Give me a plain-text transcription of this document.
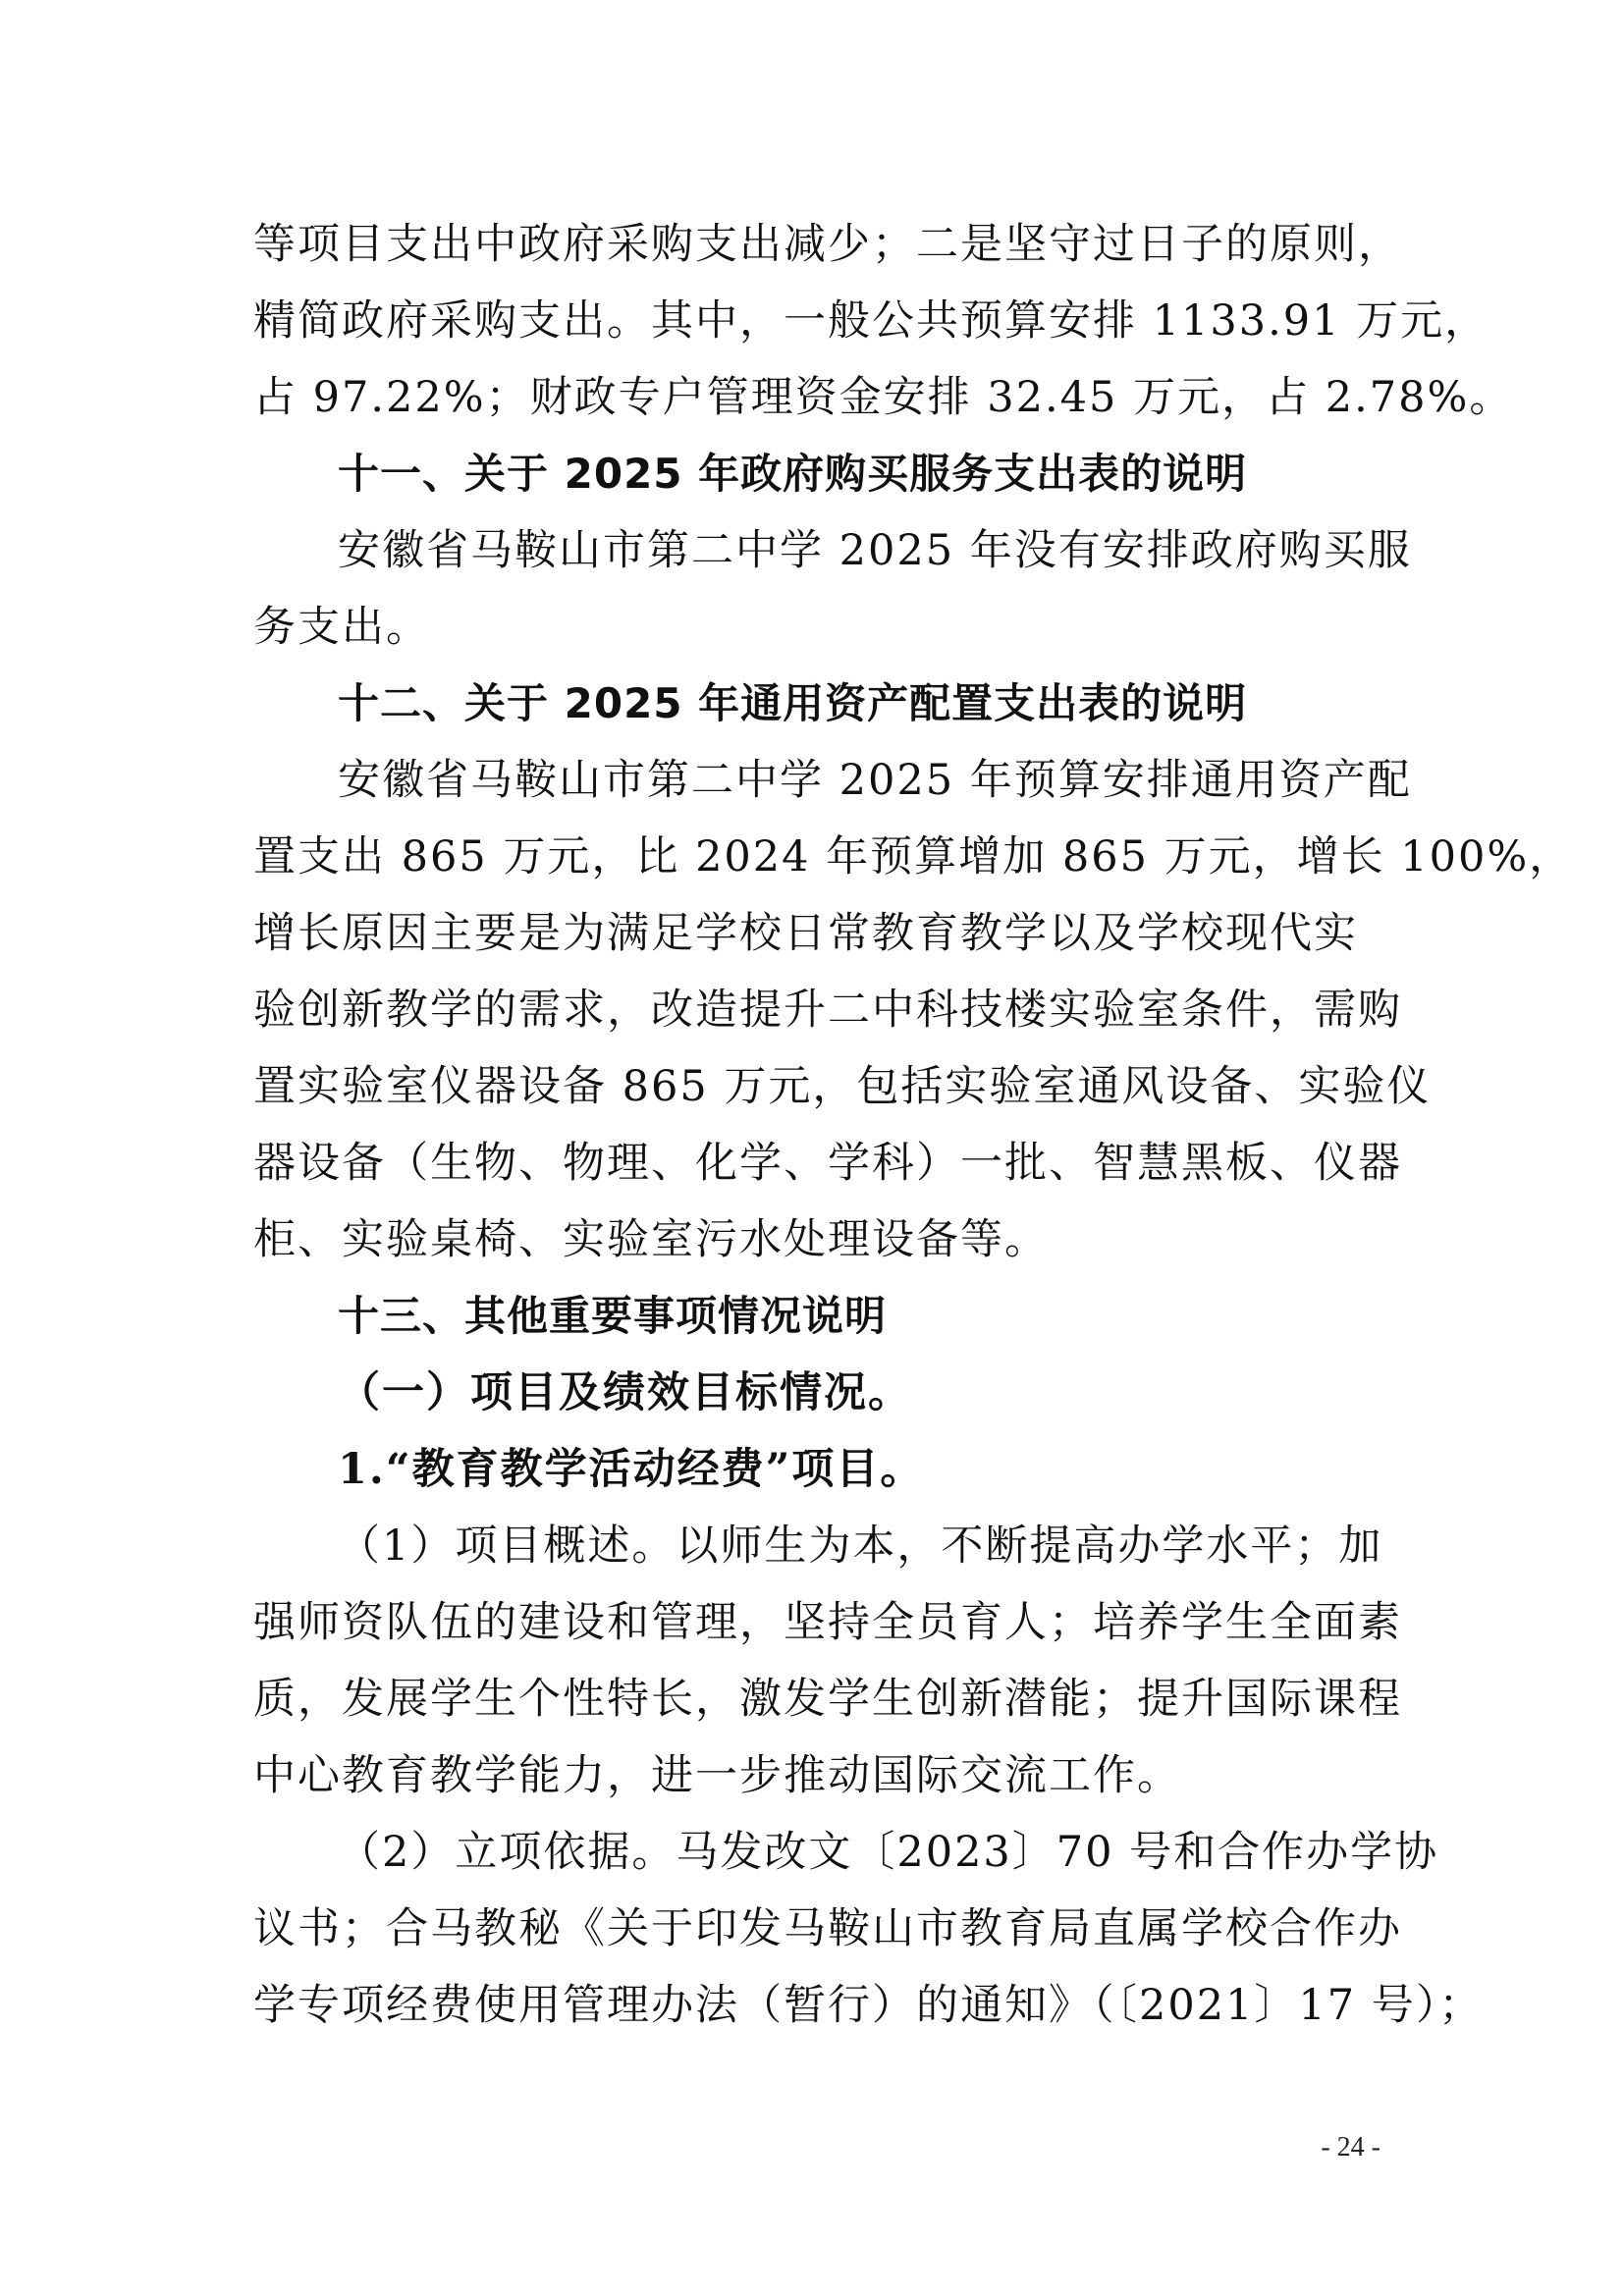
等项目支出中政府采购支出减少；二是坚守过日子的原则，
精简政府采购支出。其中，一般公共预算安排 1133.91 万元，
占 97.22%；财政专户管理资金安排 32.45 万元，占 2.78%。
十一、关于 2025 年政府购买服务支出表的说明
安徽省马鞍山市第二中学 2025 年没有安排政府购买服
务支出。
十二、关于 2025 年通用资产配置支出表的说明
安徽省马鞍山市第二中学 2025 年预算安排通用资产配
置支出 865 万元，比 2024 年预算增加 865 万元，增长 100%，
增长原因主要是为满足学校日常教育教学以及学校现代实
验创新教学的需求，改造提升二中科技楼实验室条件，需购
置实验室仪器设备 865 万元，包括实验室通风设备、实验仪
器设备（生物、物理、化学、学科）一批、智慧黑板、仪器
柜、实验桌椅、实验室污水处理设备等。
十三、其他重要事项情况说明
（一）项目及绩效目标情况。
1.“教育教学活动经费”项目。
（1）项目概述。以师生为本，不断提高办学水平；加
强师资队伍的建设和管理，坚持全员育人；培养学生全面素
质，发展学生个性特长，激发学生创新潜能；提升国际课程
中心教育教学能力，进一步推动国际交流工作。
（2）立项依据。马发改文〔2023〕70 号和合作办学协
议书；合马教秘《关于印发马鞍山市教育局直属学校合作办
学专项经费使用管理办法（暂行）的通知》（〔2021〕17 号）；
- 24 -
